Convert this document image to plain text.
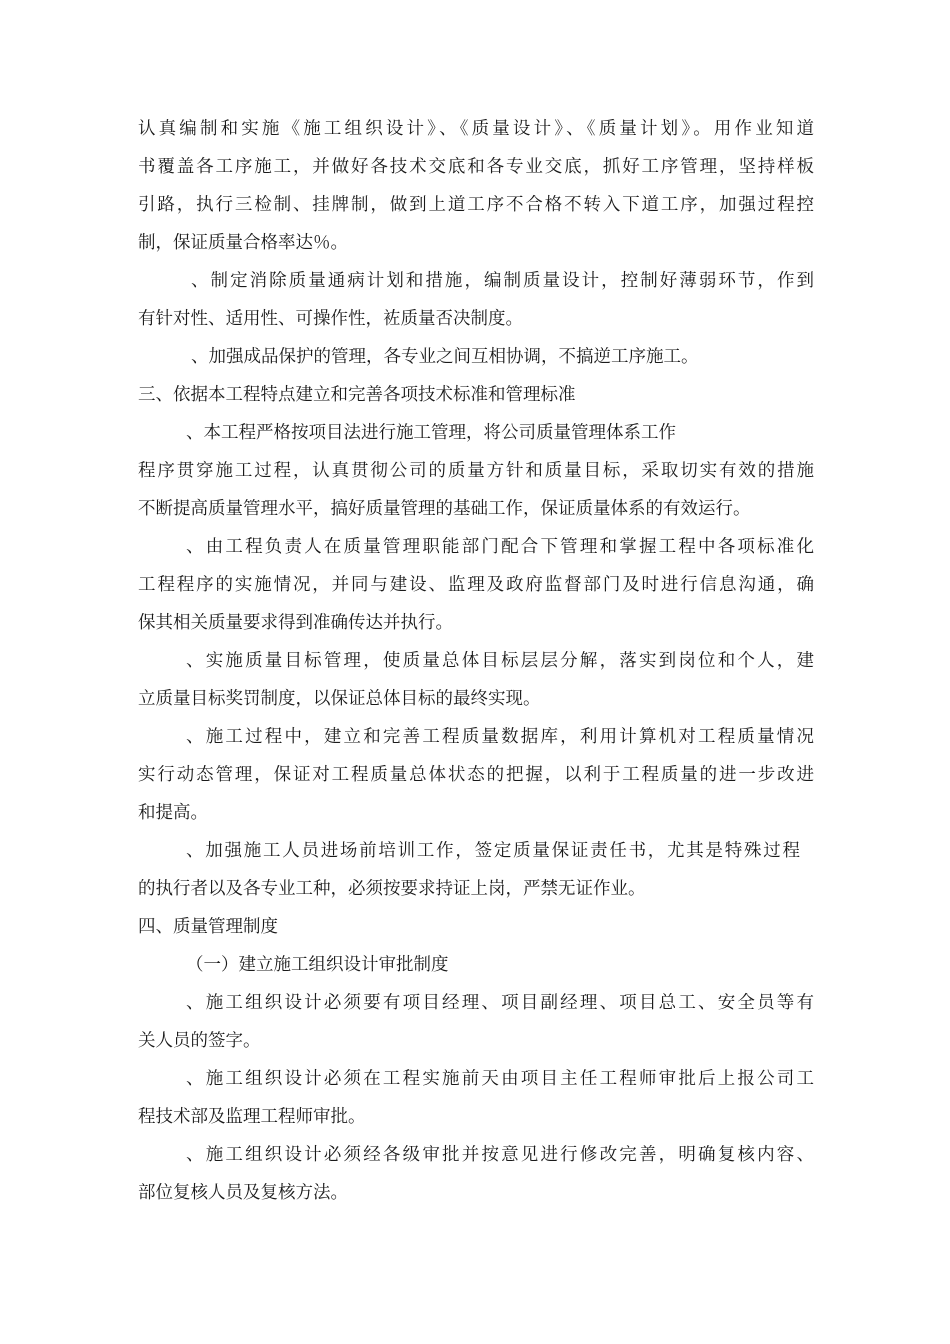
认真编制和实施《施工组织设计》、《质量设计》、《质量计划》。用作业知道
书覆盖各工序施工，并做好各技术交底和各专业交底，抓好工序管理，坚持样板
引路，执行三检制、挂牌制，做到上道工序不合格不转入下道工序，加强过程控
制，保证质量合格率达％。
、制定消除质量通病计划和措施，编制质量设计，控制好薄弱环节，作到
有针对性、适用性、可操作性，袏质量否决制度。
、加强成品保护的管理，各专业之间互相协调，不搞逆工序施工。
三、依据本工程特点建立和完善各项技术标准和管理标准
、本工程严格按项目法进行施工管理，将公司质量管理体系工作
程序贯穿施工过程，认真贯彻公司的质量方针和质量目标，采取切实有效的措施
不断提高质量管理水平，搞好质量管理的基础工作，保证质量体系的有效运行。
、由工程负责人在质量管理职能部门配合下管理和掌握工程中各项标准化
工程程序的实施情况，并同与建设、监理及政府监督部门及时进行信息沟通，确
保其相关质量要求得到准确传达并执行。
、实施质量目标管理，使质量总体目标层层分解，落实到岗位和个人，建
立质量目标奖罚制度，以保证总体目标的最终实现。
、施工过程中，建立和完善工程质量数据库，利用计算机对工程质量情况
实行动态管理，保证对工程质量总体状态的把握，以利于工程质量的进一步改进
和提高。
、加强施工人员进场前培训工作，签定质量保证责任书，尤其是特殊过程
的执行者以及各专业工种，必须按要求持证上岗，严禁无证作业。
四、质量管理制度
（一）建立施工组织设计审批制度
、施工组织设计必须要有项目经理、项目副经理、项目总工、安全员等有
关人员的签字。
、施工组织设计必须在工程实施前天由项目主任工程师审批后上报公司工
程技术部及监理工程师审批。
、施工组织设计必须经各级审批并按意见进行修改完善，明确复核内容、
部位复核人员及复核方法。
